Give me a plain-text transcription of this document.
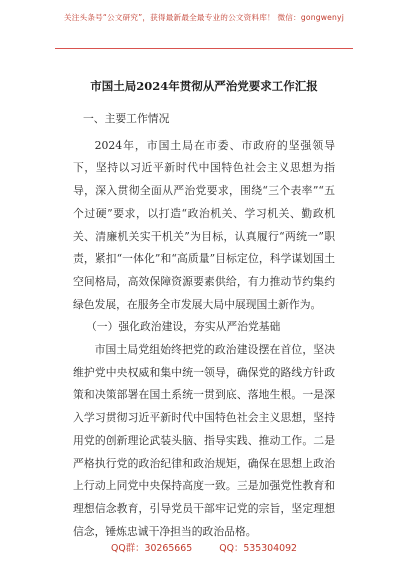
关注头条号“公文研究”，获得最新最全最专业的公文资料库！ 微信：gongwenyj
市国土局2024年贯彻从严治党要求工作汇报

一、主要工作情况

2024年，市国土局在市委、市政府的坚强领导下，坚持以习近平新时代中国特色社会主义思想为指导，深入贯彻全面从严治党要求，围绕“三个表率”“五个过硬”要求，以打造“政治机关、学习机关、勤政机关、清廉机关实干机关”为目标，认真履行“两统一”职责，紧扣“一体化”和“高质量”目标定位，科学谋划国土空间格局，高效保障资源要素供给，有力推动节约集约绿色发展，在服务全市发展大局中展现国土新作为。

（一）强化政治建设，夯实从严治党基础

市国土局党组始终把党的政治建设摆在首位，坚决维护党中央权威和集中统一领导，确保党的路线方针政策和决策部署在国土系统一贯到底、落地生根。一是深入学习贯彻习近平新时代中国特色社会主义思想，坚持用党的创新理论武装头脑、指导实践、推动工作。二是严格执行党的政治纪律和政治规矩，确保在思想上政治上行动上同党中央保持高度一致。三是加强党性教育和理想信念教育，引导党员干部牢记党的宗旨，坚定理想信念，锤炼忠诚干净担当的政治品格。

QQ群：30265665	QQ：535304092
